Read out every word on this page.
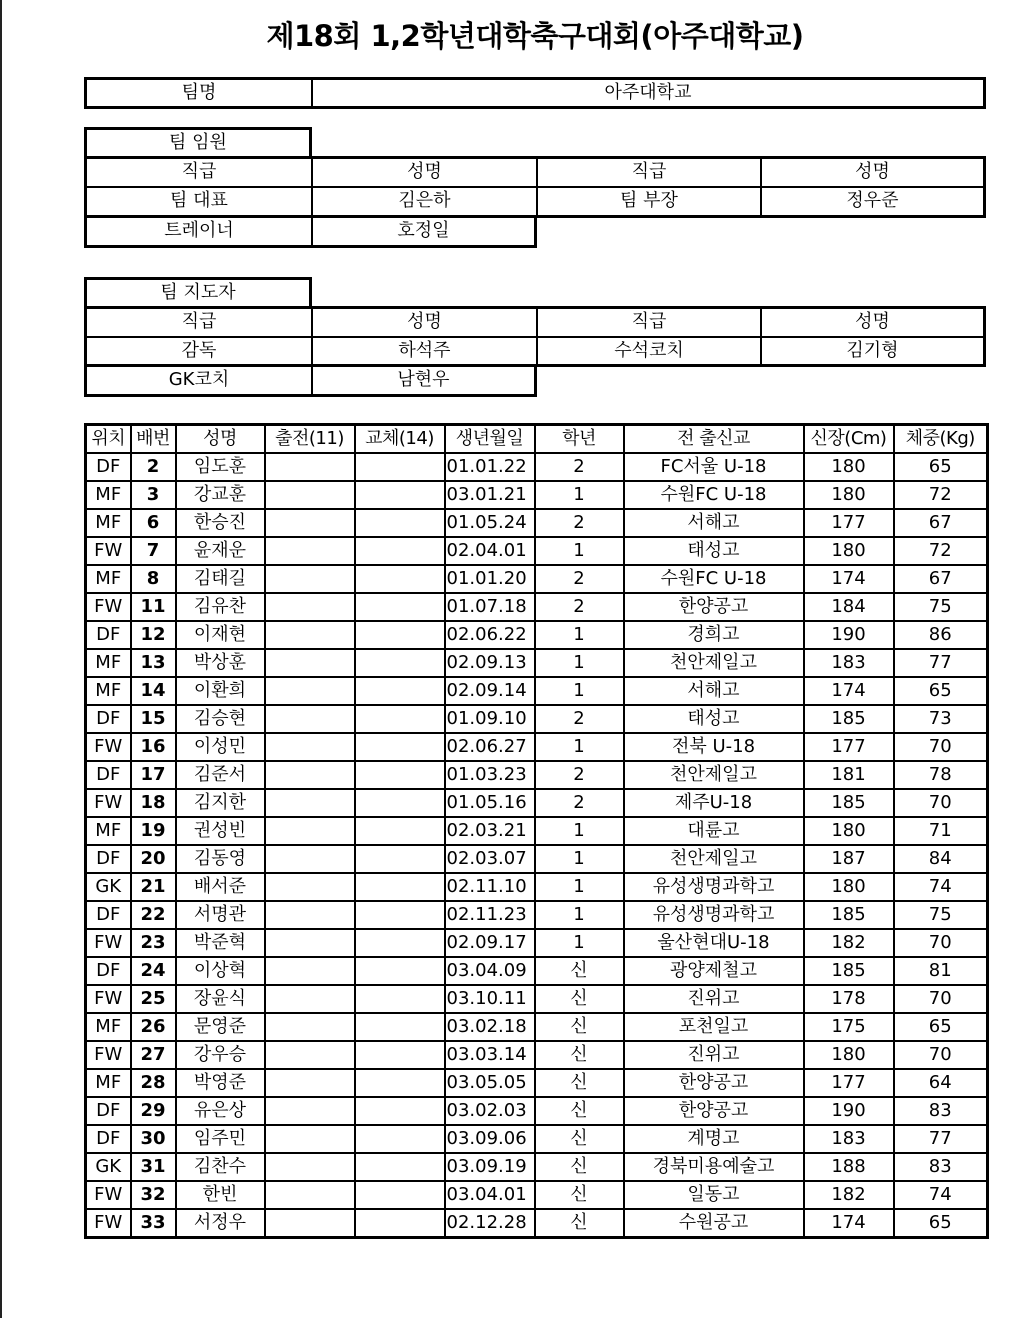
제18회 1,2학년대학축구대회(아주대학교)
팀명	아주대학교
팀 임원
직급	성명	직급	성명
팀 대표	김은하	팀 부장	정우준
트레이너	호정일
팀 지도자
직급	성명	직급	성명
감독	하석주	수석코치	김기형
GK코치	남현우
위치	배번	성명	출전(11)	교체(14)	생년월일	학년	전 출신교	신장(Cm)	체중(Kg)
DF	2	임도훈			01.01.22	2	FC서울 U-18	180	65
MF	3	강교훈			03.01.21	1	수원FC U-18	180	72
MF	6	한승진			01.05.24	2	서해고	177	67
FW	7	윤재운			02.04.01	1	태성고	180	72
MF	8	김태길			01.01.20	2	수원FC U-18	174	67
FW	11	김유찬			01.07.18	2	한양공고	184	75
DF	12	이재현			02.06.22	1	경희고	190	86
MF	13	박상훈			02.09.13	1	천안제일고	183	77
MF	14	이환희			02.09.14	1	서해고	174	65
DF	15	김승현			01.09.10	2	태성고	185	73
FW	16	이성민			02.06.27	1	전북 U-18	177	70
DF	17	김준서			01.03.23	2	천안제일고	181	78
FW	18	김지한			01.05.16	2	제주U-18	185	70
MF	19	권성빈			02.03.21	1	대륜고	180	71
DF	20	김동영			02.03.07	1	천안제일고	187	84
GK	21	배서준			02.11.10	1	유성생명과학고	180	74
DF	22	서명관			02.11.23	1	유성생명과학고	185	75
FW	23	박준혁			02.09.17	1	울산현대U-18	182	70
DF	24	이상혁			03.04.09	신	광양제철고	185	81
FW	25	장윤식			03.10.11	신	진위고	178	70
MF	26	문영준			03.02.18	신	포천일고	175	65
FW	27	강우승			03.03.14	신	진위고	180	70
MF	28	박영준			03.05.05	신	한양공고	177	64
DF	29	유은상			03.02.03	신	한양공고	190	83
DF	30	임주민			03.09.06	신	계명고	183	77
GK	31	김찬수			03.09.19	신	경북미용예술고	188	83
FW	32	한빈			03.04.01	신	일동고	182	74
FW	33	서정우			02.12.28	신	수원공고	174	65
